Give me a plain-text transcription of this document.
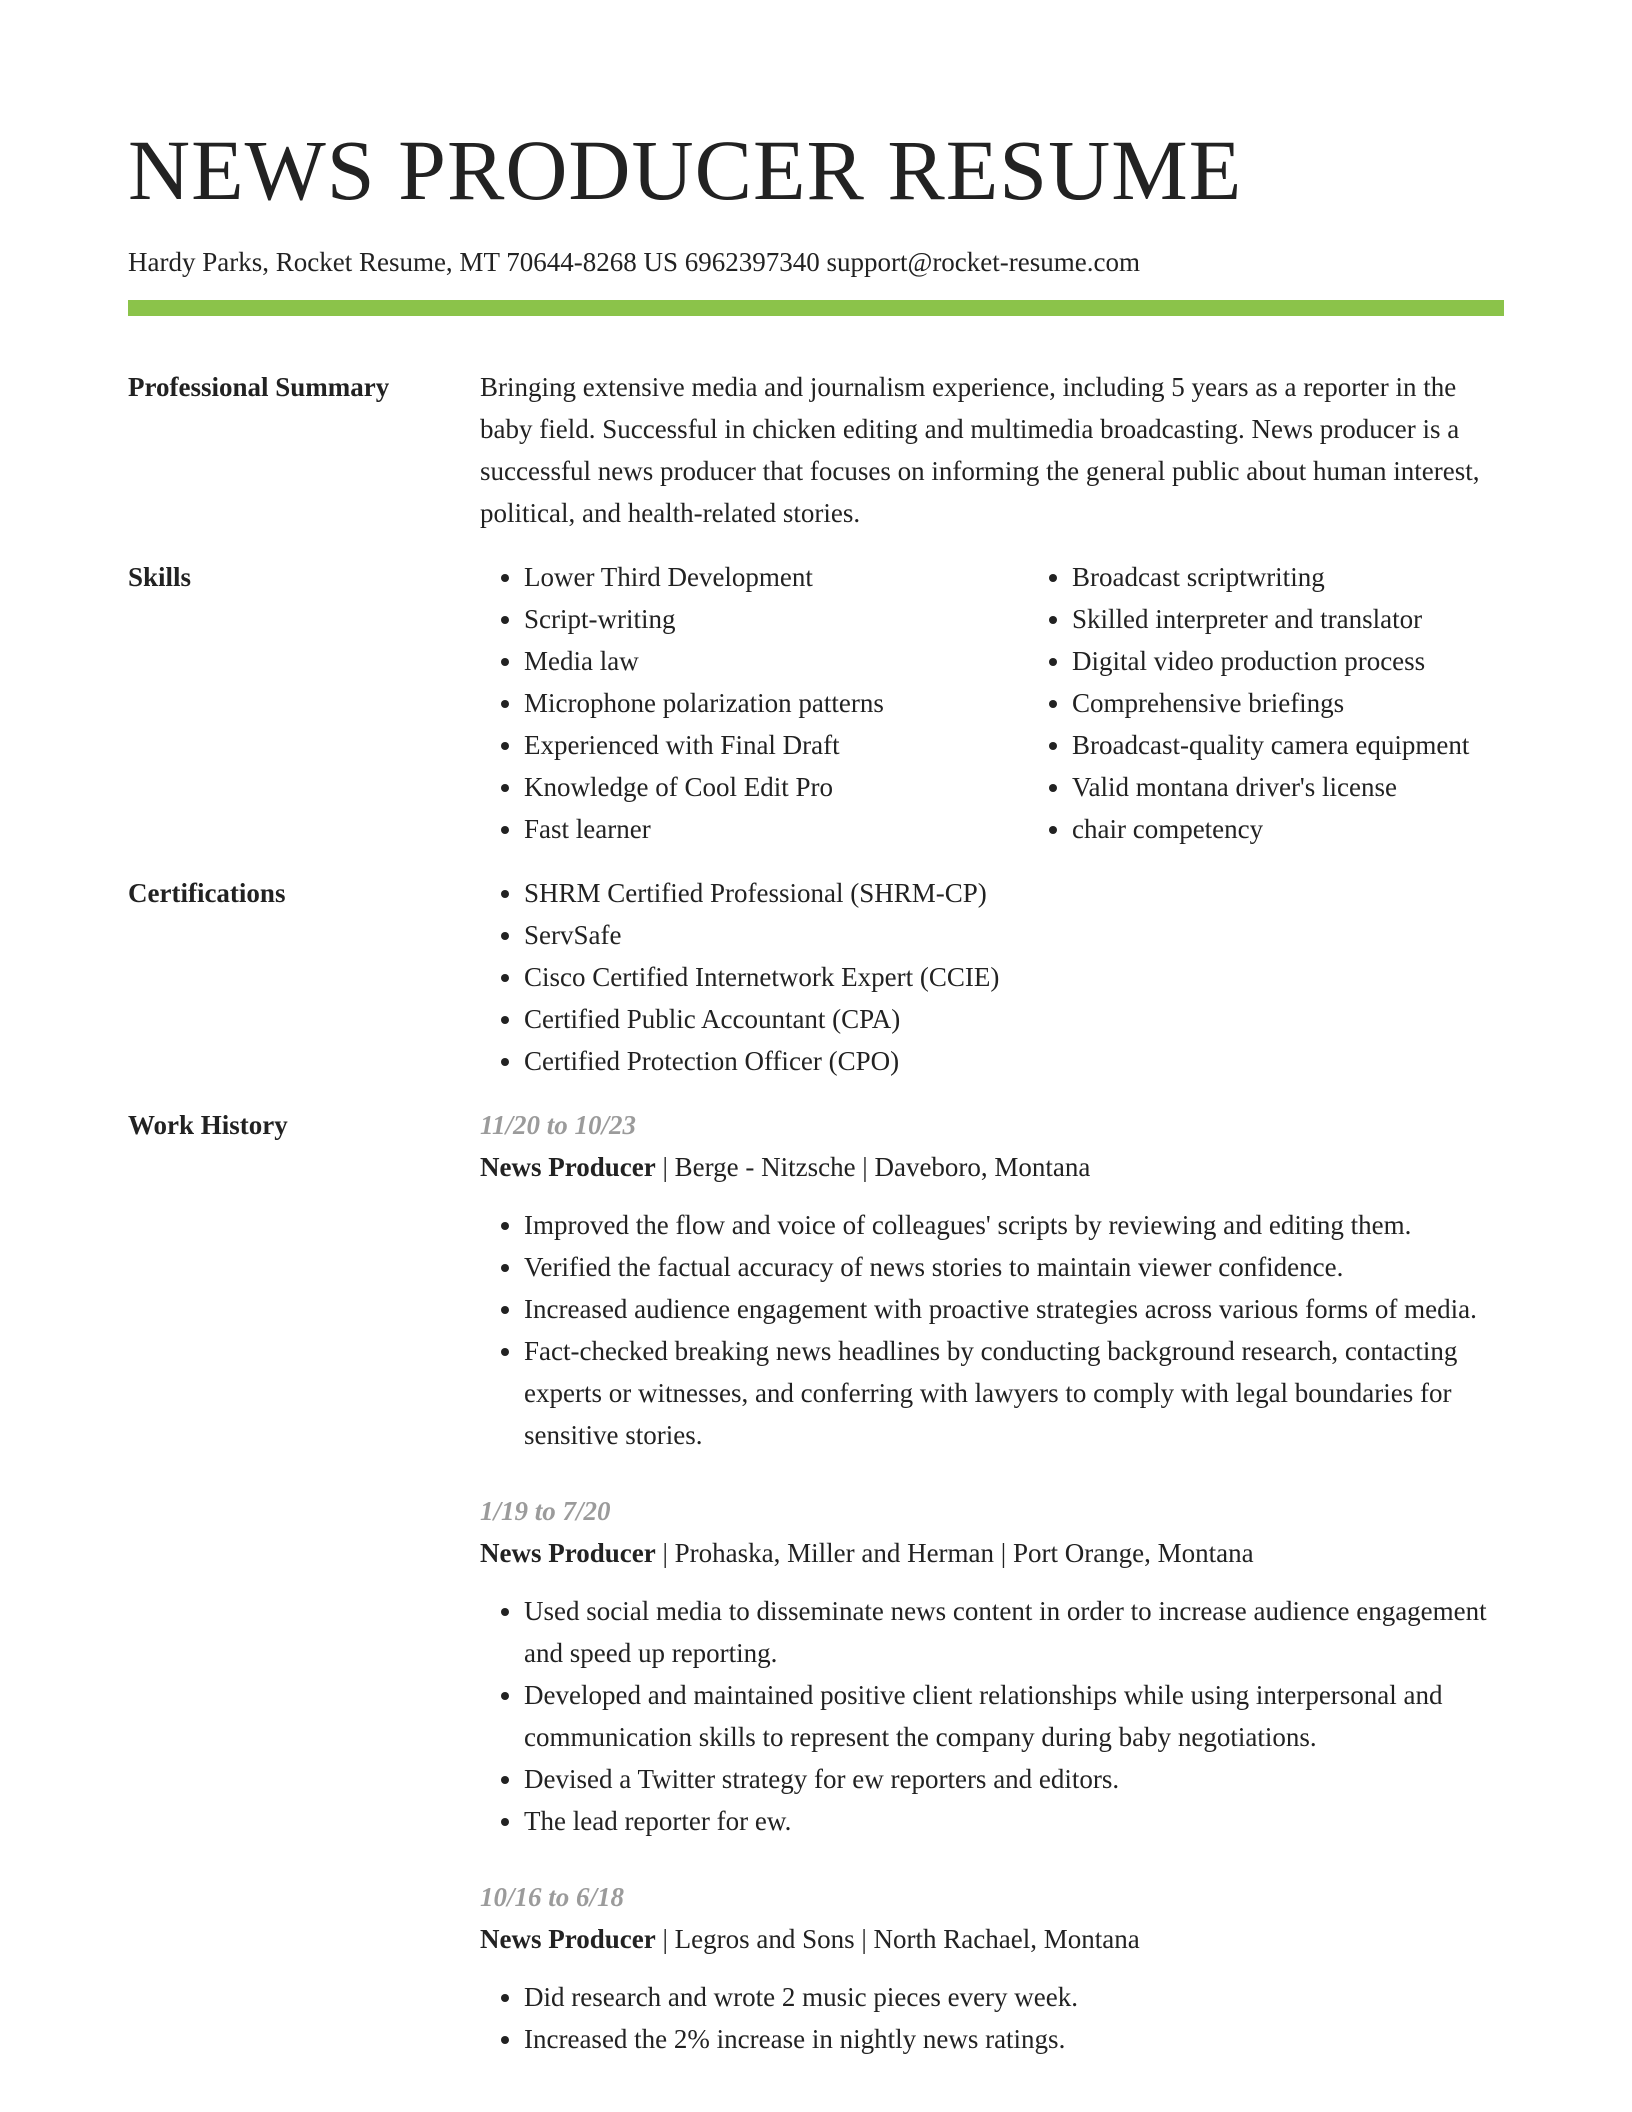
NEWS PRODUCER RESUME
Hardy Parks, Rocket Resume, MT 70644-8268 US 6962397340 support@rocket-resume.com
Professional Summary	Bringing extensive media and journalism experience, including 5 years as a reporter in the baby field. Successful in chicken editing and multimedia broadcasting. News producer is a successful news producer that focuses on informing the general public about human interest, political, and health-related stories.

Skills	• Lower Third Development
• Script-writing
• Media law
• Microphone polarization patterns
• Experienced with Final Draft
• Knowledge of Cool Edit Pro
• Fast learner
• Broadcast scriptwriting
• Skilled interpreter and translator
• Digital video production process
• Comprehensive briefings
• Broadcast-quality camera equipment
• Valid montana driver's license
• chair competency
Certifications	• SHRM Certified Professional (SHRM-CP)
• ServSafe
• Cisco Certified Internetwork Expert (CCIE)
• Certified Public Accountant (CPA)
• Certified Protection Officer (CPO)
Work History	11/20 to 10/23
News Producer | Berge - Nitzsche | Daveboro, Montana
• Improved the flow and voice of colleagues' scripts by reviewing and editing them.
• Verified the factual accuracy of news stories to maintain viewer confidence.
• Increased audience engagement with proactive strategies across various forms of media.
• Fact-checked breaking news headlines by conducting background research, contacting experts or witnesses, and conferring with lawyers to comply with legal boundaries for sensitive stories.
1/19 to 7/20
News Producer | Prohaska, Miller and Herman | Port Orange, Montana
• Used social media to disseminate news content in order to increase audience engagement and speed up reporting.
• Developed and maintained positive client relationships while using interpersonal and communication skills to represent the company during baby negotiations.
• Devised a Twitter strategy for ew reporters and editors.
• The lead reporter for ew.
10/16 to 6/18
News Producer | Legros and Sons | North Rachael, Montana
• Did research and wrote 2 music pieces every week.
• Increased the 2% increase in nightly news ratings.
